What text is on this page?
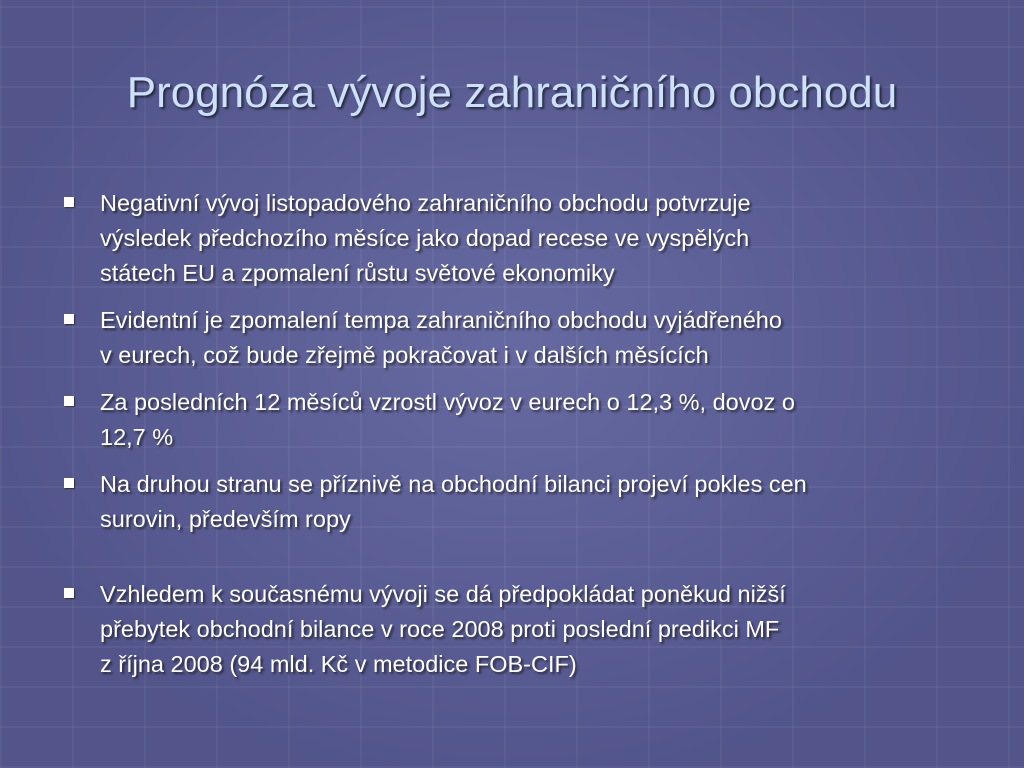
Prognóza vývoje zahraničního obchodu
Negativní vývoj listopadového zahraničního obchodu potvrzuje
výsledek předchozího měsíce jako dopad recese ve vyspělých
státech EU a zpomalení růstu světové ekonomiky
Evidentní je zpomalení tempa zahraničního obchodu vyjádřeného
v eurech, což bude zřejmě pokračovat i v dalších měsících
Za posledních 12 měsíců vzrostl vývoz v eurech o 12,3 %, dovoz o
12,7 %
Na druhou stranu se příznivě na obchodní bilanci projeví pokles cen
surovin, především ropy
Vzhledem k současnému vývoji se dá předpokládat poněkud nižší
přebytek obchodní bilance v roce 2008 proti poslední predikci MF
z října 2008 (94 mld. Kč v metodice FOB-CIF)
